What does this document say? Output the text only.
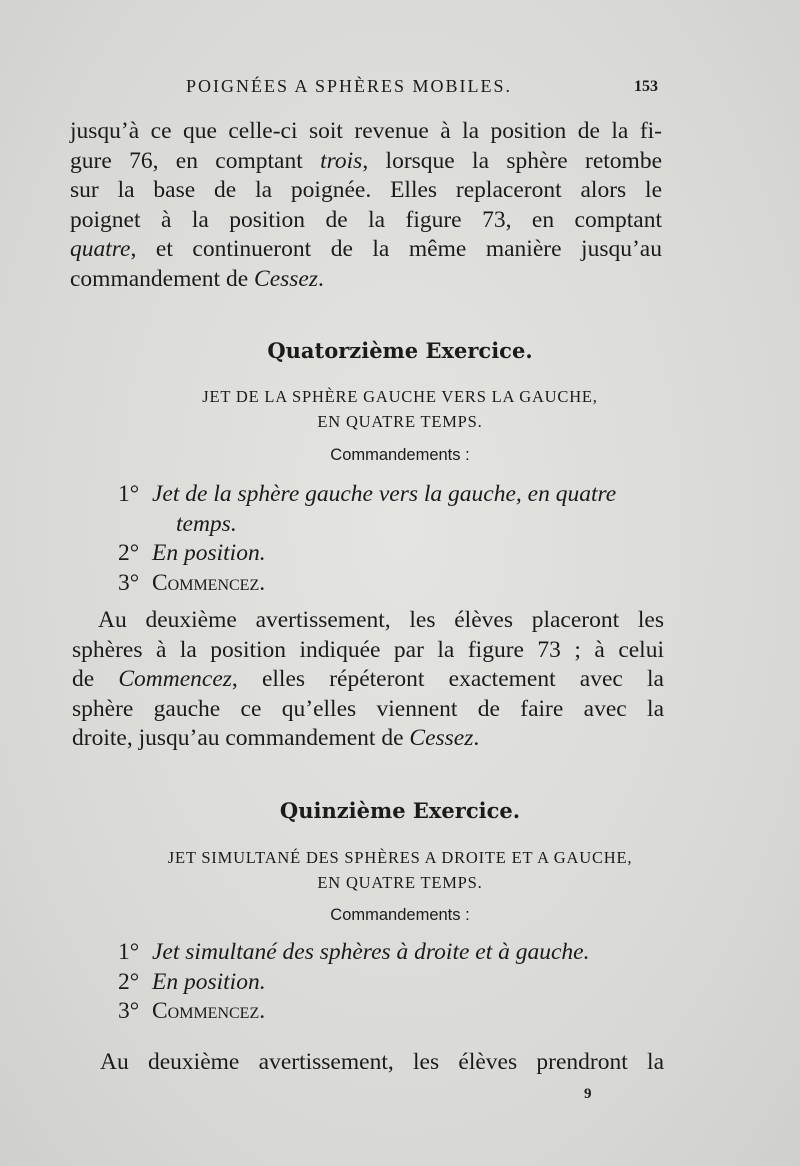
POIGNÉES A SPHÈRES MOBILES.	153
jusqu’à ce que celle-ci soit revenue à la position de la fi-
gure 76, en comptant trois, lorsque la sphère retombe
sur la base de la poignée. Elles replaceront alors le
poignet à la position de la figure 73, en comptant
quatre, et continueront de la même manière jusqu’au
commandement de Cessez.
Quatorzième Exercice.
JET DE LA SPHÈRE GAUCHE VERS LA GAUCHE,
EN QUATRE TEMPS.
Commandements :
1° Jet de la sphère gauche vers la gauche, en quatre
temps.
2° En position.
3° Commencez.
Au deuxième avertissement, les élèves placeront les
sphères à la position indiquée par la figure 73 ; à celui
de Commencez, elles répéteront exactement avec la
sphère gauche ce qu’elles viennent de faire avec la
droite, jusqu’au commandement de Cessez.
Quinzième Exercice.
JET SIMULTANÉ DES SPHÈRES A DROITE ET A GAUCHE,
EN QUATRE TEMPS.
Commandements :
1° Jet simultané des sphères à droite et à gauche.
2° En position.
3° Commencez.
Au deuxième avertissement, les élèves prendront la
9
